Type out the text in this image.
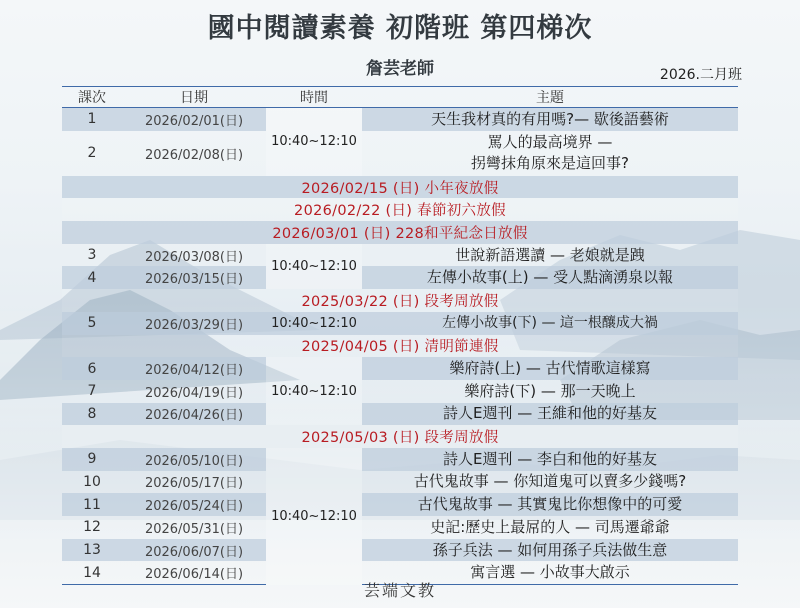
國中閱讀素養 初階班 第四梯次
詹芸老師	2026.二月班
課次	日期	時間	主題
1	2026/02/01(日)	10:40~12:10	天生我材真的有用嗎?— 歇後語藝術
2	2026/02/08(日)		罵人的最高境界 —
拐彎抹角原來是這回事?

2026/02/15 (日) 小年夜放假			
2026/02/22 (日) 春節初六放假			
2026/03/01 (日) 228和平紀念日放假			
3	2026/03/08(日)	10:40~12:10	世說新語選讀 — 老娘就是跩
4	2026/03/15(日)		左傳小故事(上) — 受人點滴湧泉以報
2025/03/22 (日) 段考周放假			
5	2026/03/29(日)	10:40~12:10	左傳小故事(下) — 這一根釀成大禍
2025/04/05 (日) 清明節連假			
6	2026/04/12(日)	10:40~12:10	樂府詩(上) — 古代情歌這樣寫
7	2026/04/19(日)		樂府詩(下) — 那一天晚上
8	2026/04/26(日)		詩人E週刊 — 王維和他的好基友
2025/05/03 (日) 段考周放假			
9	2026/05/10(日)	10:40~12:10	詩人E週刊 — 李白和他的好基友
10	2026/05/17(日)		古代鬼故事 — 你知道鬼可以賣多少錢嗎?
11	2026/05/24(日)		古代鬼故事 — 其實鬼比你想像中的可愛
12	2026/05/31(日)		史記:歷史上最屌的人 — 司馬遷爺爺
13	2026/06/07(日)		孫子兵法 — 如何用孫子兵法做生意
14	2026/06/14(日)		寓言選 — 小故事大啟示
芸端文教
